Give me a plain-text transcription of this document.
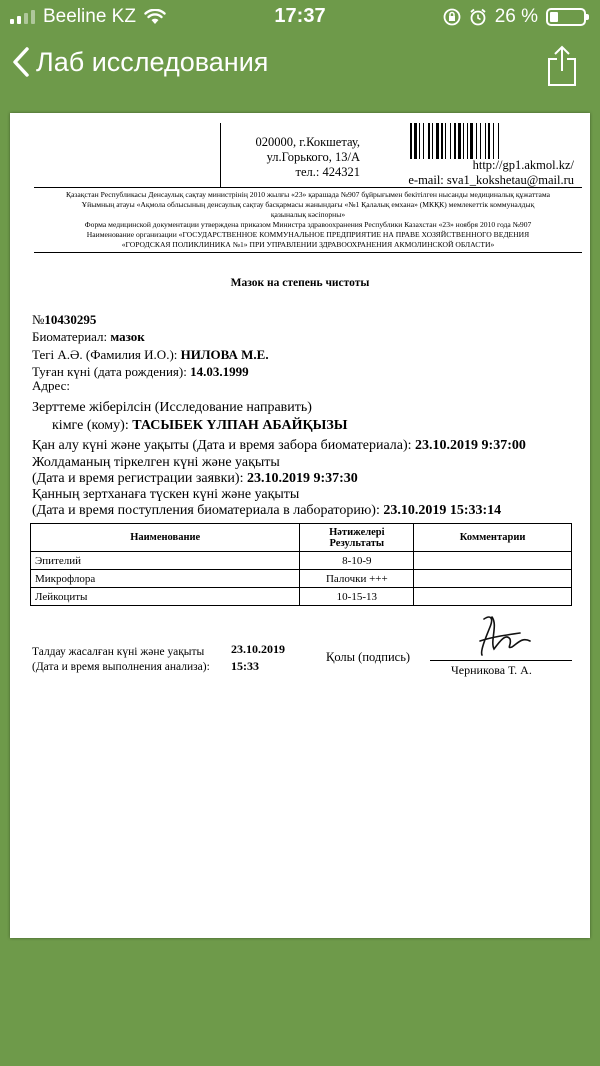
Beeline KZ	17:37	26 %
Лаб исследования
020000, г.Кокшетау,
ул.Горького, 13/А
тел.: 424321	http://gp1.akmol.kz/
e-mail: sva1_kokshetau@mail.ru
Қазақстан Республикасы Денсаулық сақтау министрінің 2010 жылғы «23» қарашада №907 бұйрығымен бекітілген нысанды медициналық құжаттама
Ұйымның атауы «Ақмола облысының денсаулық сақтау басқармасы жанындағы «№1 Қалалық емхана» (МКҚК) мемлекеттік коммуналдық
қазыналық кәсіпорны»
Форма медицинской документации утверждена приказом Министра здравоохранения Республики Казахстан «23» ноября 2010 года №907
Наименование организации «ГОСУДАРСТВЕННОЕ КОММУНАЛЬНОЕ ПРЕДПРИЯТИЕ НА ПРАВЕ ХОЗЯЙСТВЕННОГО ВЕДЕНИЯ
«ГОРОДСКАЯ ПОЛИКЛИНИКА №1» ПРИ УПРАВЛЕНИИ ЗДРАВООХРАНЕНИЯ АКМОЛИНСКОЙ ОБЛАСТИ»
Мазок на степень чистоты
№10430295
Биоматериал: мазок
Тегі А.Ә. (Фамилия И.О.): НИЛОВА М.Е.
Туған күні (дата рождения): 14.03.1999
Адрес:
Зерттеме жіберілсін (Исследование направить)
кімге (кому): ТАСЫБЕК ҮЛПАН АБАЙҚЫЗЫ
Қан алу күні және уақыты (Дата и время забора биоматериала): 23.10.2019 9:37:00
Жолдаманың тіркелген күні және уақыты
(Дата и время регистрации заявки): 23.10.2019 9:37:30
Қанның зертханаға түскен күні және уақыты
(Дата и время поступления биоматериала в лабораторию): 23.10.2019 15:33:14
Наименование	Нәтижелері Результаты	Комментарии
Эпителий	8-10-9	
Микрофлора	Палочки +++	
Лейкоциты	10-15-13	
Талдау жасалған күні және уақыты
(Дата и время выполнения анализа):
23.10.2019
15:33
Қолы (подпись)
Черникова Т. А.
